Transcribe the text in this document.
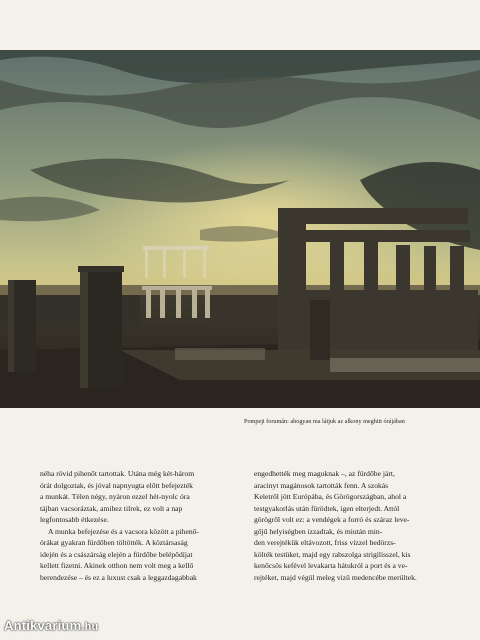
Pompeji forumán: ahogyan ma látjuk az alkony meghitt órájában
néha rövid pihenőt tartottak. Utána még két-három
órát dolgoztak, és jóval napnyugta előtt befejezték
a munkát. Télen négy, nyáron ezzel hét-nyolc óra
tájban vacsoráztak, amihez tilrek, ez volt a nap
legfontosabb étkezése.
A munka befejezése és a vacsora között a pihenő-
órákat gyakran fürdőben töltötték. A köztársaság
idején és a császárság elején a fürdőbe belépődíjat
kellett fizetni. Akinek otthon nem volt meg a kellő
berendezése – és ez a luxust csak a leggazdagabbak
engedhették meg maguknak –, az fürdőbe járt,
aracinyt magánosok tartották fenn. A szokás
Keletről jött Európába, és Görögországban, ahol a
testgyakorlás után fürödtek, igen elterjedt. Attól
görögről volt ez: a vendégek a forró és száraz leve-
gőjű helyiségben izzadtak, és miután min-
den verejtékük eltávozott, friss vízzel bedörzs-
költék testüket, majd egy rabszolga strigilisszel, kis
kenőcsös kefével levakarta hátukról a port és a ve-
rejtéket, majd végül meleg vizű medencébe merültek.
Antikvarium.hu
